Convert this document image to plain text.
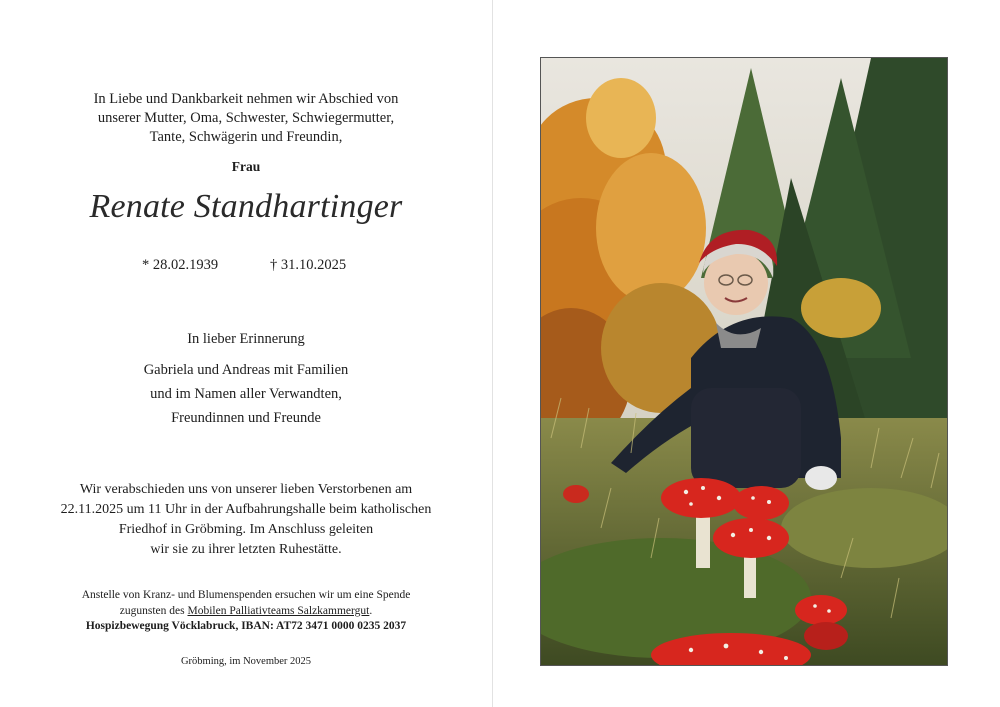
In Liebe und Dankbarkeit nehmen wir Abschied von
unserer Mutter, Oma, Schwester, Schwiegermutter,
Tante, Schwägerin und Freundin,
Frau
Renate Standhartinger
* 28.02.1939	† 31.10.2025
In lieber Erinnerung
Gabriela und Andreas mit Familien
und im Namen aller Verwandten,
Freundinnen und Freunde
Wir verabschieden uns von unserer lieben Verstorbenen am
22.11.2025 um 11 Uhr in der Aufbahrungshalle beim katholischen
Friedhof in Gröbming. Im Anschluss geleiten
wir sie zu ihrer letzten Ruhestätte.
Anstelle von Kranz- und Blumenspenden ersuchen wir um eine Spende
zugunsten des Mobilen Palliativteams Salzkammergut.
Hospizbewegung Vöcklabruck, IBAN: AT72 3471 0000 0235 2037
Gröbming, im November 2025
